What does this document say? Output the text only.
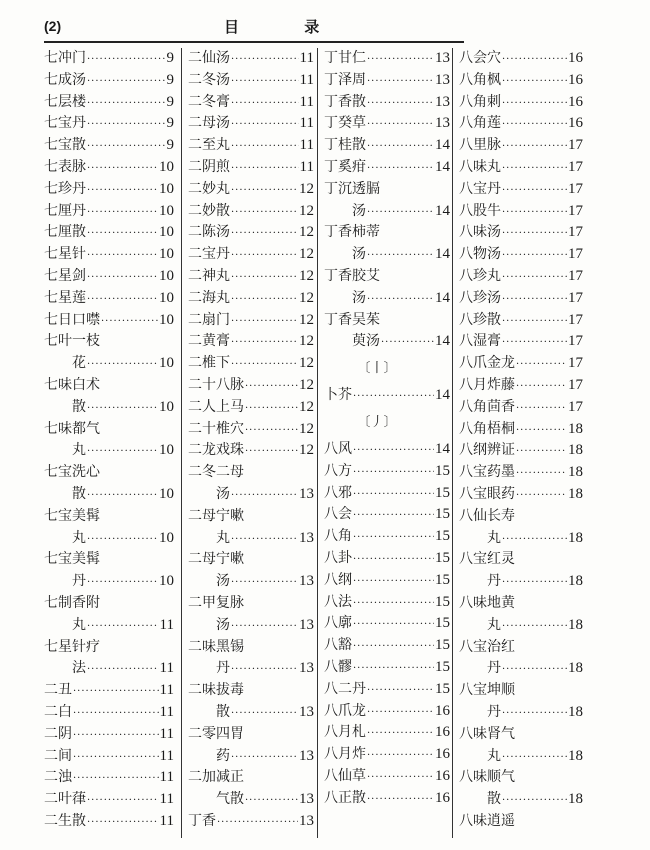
(2)	目 录
七冲门 ·····	9
七成汤 ·····	9
七层楼 ·····	9
七宝丹 ·····	9
七宝散 ·····	9
七表脉 ·····	10
七珍丹 ·····	10
七厘丹 ·····	10
七厘散 ·····	10
七星针 ·····	10
七星剑 ·····	10
七星莲 ·····	10
七日口噤 ·····	10
七叶一枝
花 ·····	10
七味白术
散 ·····	10
七味都气
丸 ·····	10
七宝洗心
散 ·····	10
七宝美髯
丸 ·····	10
七宝美髯
丹 ·····	10
七制香附
丸 ·····	11
七星针疗
法 ·····	11
二丑 ·····	11
二白 ·····	11
二阴 ·····	11
二间 ·····	11
二浊 ·····	11
二叶葎 ·····	11
二生散 ·····	11
二仙汤 ·····	11
二冬汤 ·····	11
二冬膏 ·····	11
二母汤 ·····	11
二至丸 ·····	11
二阴煎 ·····	11
二妙丸 ·····	12
二妙散 ·····	12
二陈汤 ·····	12
二宝丹 ·····	12
二神丸 ·····	12
二海丸 ·····	12
二扇门 ·····	12
二黄膏 ·····	12
二椎下 ·····	12
二十八脉 ·····	12
二人上马 ·····	12
二十椎穴 ·····	12
二龙戏珠 ·····	12
二冬二母
汤 ·····	13
二母宁嗽
丸 ·····	13
二母宁嗽
汤 ·····	13
二甲复脉
汤 ·····	13
二味黑锡
丹 ·····	13
二味拔毒
散 ·····	13
二零四胃
药 ·····	13
二加减正
气散 ·····	13
丁香 ·····	13
丁甘仁 ·····	13
丁泽周 ·····	13
丁香散 ·····	13
丁癸草 ·····	13
丁桂散 ·····	14
丁奚疳 ·····	14
丁沉透膈
汤 ·····	14
丁香柿蒂
汤 ·····	14
丁香胶艾
汤 ·····	14
丁香吴茱
萸汤 ·····	14
〔丨〕
卜芥 ·····	14
〔丿〕
八风 ·····	14
八方 ·····	15
八邪 ·····	15
八会 ·····	15
八角 ·····	15
八卦 ·····	15
八纲 ·····	15
八法 ·····	15
八廓 ·····	15
八豁 ·····	15
八髎 ·····	15
八二丹 ·····	15
八爪龙 ·····	16
八月札 ·····	16
八月炸 ·····	16
八仙草 ·····	16
八正散 ·····	16
八会穴 ·····	16
八角枫 ·····	16
八角刺 ·····	16
八角莲 ·····	16
八里脉 ·····	17
八味丸 ·····	17
八宝丹 ·····	17
八股牛 ·····	17
八味汤 ·····	17
八物汤 ·····	17
八珍丸 ·····	17
八珍汤 ·····	17
八珍散 ·····	17
八湿膏 ·····	17
八爪金龙 ·····	17
八月炸藤 ·····	17
八角茴香 ·····	17
八角梧桐 ·····	18
八纲辨证 ·····	18
八宝药墨 ·····	18
八宝眼药 ·····	18
八仙长寿
丸 ·····	18
八宝红灵
丹 ·····	18
八味地黄
丸 ·····	18
八宝治红
丹 ·····	18
八宝坤顺
丹 ·····	18
八味肾气
丸 ·····	18
八味顺气
散 ·····	18
八味逍遥
